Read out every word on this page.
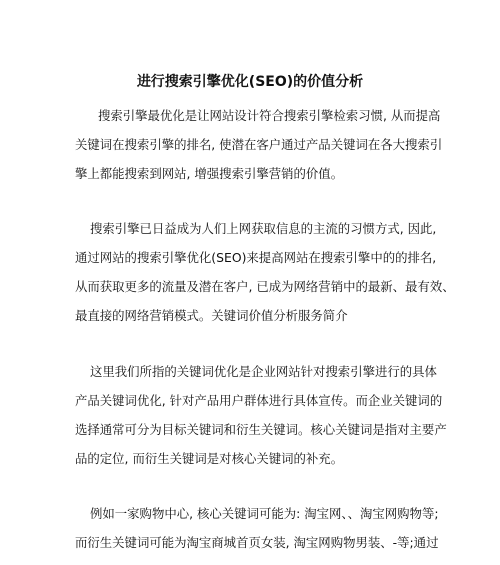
进行搜索引擎优化(SEO)的价值分析
搜索引擎最优化是让网站设计符合搜索引擎检索习惯, 从而提高
关键词在搜索引擎的排名, 使潜在客户通过产品关键词在各大搜索引
擎上都能搜索到网站, 增强搜索引擎营销的价值。
搜索引擎已日益成为人们上网获取信息的主流的习惯方式, 因此,
通过网站的搜索引擎优化(SEO)来提高网站在搜索引擎中的的排名,
从而获取更多的流量及潜在客户, 已成为网络营销中的最新、最有效、
最直接的网络营销模式。关键词价值分析服务简介
这里我们所指的关键词优化是企业网站针对搜索引擎进行的具体
产品关键词优化, 针对产品用户群体进行具体宣传。而企业关键词的
选择通常可分为目标关键词和衍生关键词。核心关键词是指对主要产
品的定位, 而衍生关键词是对核心关键词的补充。
例如一家购物中心, 核心关键词可能为: 淘宝网、、淘宝网购物等;
而衍生关键词可能为淘宝商城首页女装, 淘宝网购物男装、-等;通过
